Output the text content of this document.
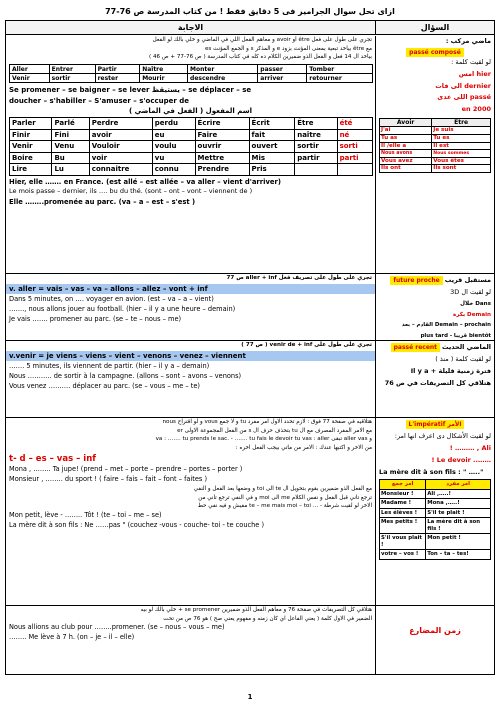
ازاى تحل سوال الجرامير فى 5 دقايق فقط ! من كتاب المدرسة ص 76-77
الاجابة	السؤال
تجري على طول على فعل être أو avoir و معاهم الفعل اللي في الماضي و خلي بالك لو الفعل
مع être بياخد تبعية بمعنى المؤنث بزود e و المذكر s و الجمع المؤنث es
بياخد ال 14 فعل و الفعل الذو ضميرين الكلام ده كله في كتاب المدرسة ( ص 76-77 + ص 46 )
Aller	Entrer	Partir	Naître	Monter	passer	Tomber
Venir	sortir	rester	Mourir	descendre	arriver	retourner
Se promener – se baigner – se lever يستيقظ – se déplacer – se
doucher – s'habiller – S'amuser – s'occuper de
اسم المفعول ( الفعل في الماضي )
Parler	Parlé	Perdre	perdu	Écrire	Écrit	Être	été
Finir	Fini	avoir	eu	Faire	fait	naître	né
Venir	Venu	Vouloir	voulu	ouvrir	ouvert	sortir	sorti
Boire	Bu	voir	vu	Mettre	Mis	partir	parti
Lire	Lu	connaitre	connu	Prendre	Pris		
Hier, elle ……. en France. (est allé – est allée – va aller – vient d'arriver)
Le mois passe – dernier, ils …. bu du thé. (sont – ont – vont – viennent de )
Elle ……..promenée au parc. (va – a – est – s'est )
تجري على طول على تصريف فعل aller + inf ص 77
v. aller = vais – vas – va – allons – allez – vont + inf
Dans 5 minutes, on …. voyager en avion. (est – va – a – vient)
……., nous allons jouer au football. (hier – il y a une heure – demain)
Je vais ……. promener au parc. (se – te – nous – me)
تجري على طول على venir de + inf ( ص 77 )
v.venir = je viens – viens – vient – venons – venez – viennent
……. 5 minutes, ils viennent de partir. (hier – il y a – demain)
Nous ……….. de sortir à la campagne. (allons – sont – avons – venons)
Vous venez ………. déplacer au parc. (se – vous – me – te)
هتلاقيه في صفحة 77 فوق : لازم تحدد الاول امر مفرد tu و لا جمع vous و لو اقتراح nous
مع الامر المفرد المصرف مع ال tu بتحذف حرف ال s من الفعل المجموعة الاولى er
و aller vas تبقى va : ……. tu prends le sac. - ……. tu fais le devoir tu vas : aller
من الاخر و اكتبها عندك : الامر من ماتي بيجب الفعل اخره :
t- d – es – vas – inf
Mona , …….. Ta jupe! (prend – met – porte – prendre – portes – porter )
Monsieur , …….. du sport ! ( faire – fais – fait – font – faites )
مع الفعل الذو ضميرين بقوم بتحويل ال te الى toi و وضعها بعد الفعل و النفي
ترجع تاني قبل الفعل و نفس الكلام me الى moi و في النفي ترجع تاني من
الاخر لو لقيت شرطة - … te – me mais moi – toi مفيش و فيه نفي حط
Mon petit, lève - …….. Tôt ! (te – toi – me – se)
La mère dit à son fils : Ne ……pas " (couchez -vous - couche- toi - te couche )
هتلاقي كل التصريفات في صفحة 76 و معاهم الفعل الذو ضميرين se promener + خلي بالك لو بيه
الضمير في الاول كلمة ( يعني الفاعل اي كان زمنه و مفهوم يعني صح ) هو 76 ص من تحت
Nous allions au club pour ……..promener. (se – nous – vous – me)
…….. Me lève à 7 h. (on – je – il – elle)
ماضي مركب :
passé composé
لو لقيت كلمة :
hier امس
dernier الى فات
passé اللى عدى
en 2000
Avoir	Être
J'ai	Je suis
Tu as	Tu es
Il /elle a	Il est
Nous avons	Nous sommes
Vous avez	Vous êtes
Ils ont	Ils sont
future proche مستقبل قريب
لو لقيت ال 3D
Dans خلال
Demain بكرة
Demain – prochain القادم – بعد
bientôt قريبا - plus tard
passé recent الماضي الحديث
لو لقيت كلمة ( منذ )
فترة زمنية قليلة + Il y a
هتلاقي كل التصريفات في ص 76
L'impératif الأمر
لو لقيت الأشكال دى اعرف انها امر:
Ali , ……… !
…….. Le devoir !
La mère dit à son fils : " ….."
امر جمع	امر مفرد
Monsieur !	Ali ,…..!
Madame !	Mona ,…..!
Les élèves !	S'il te plait !
Mes petits !	La mère dit à son fils !
S'il vous plait !	Mon petit !
votre – vos !	Ton – ta – tes!
زمن المضارع
1
